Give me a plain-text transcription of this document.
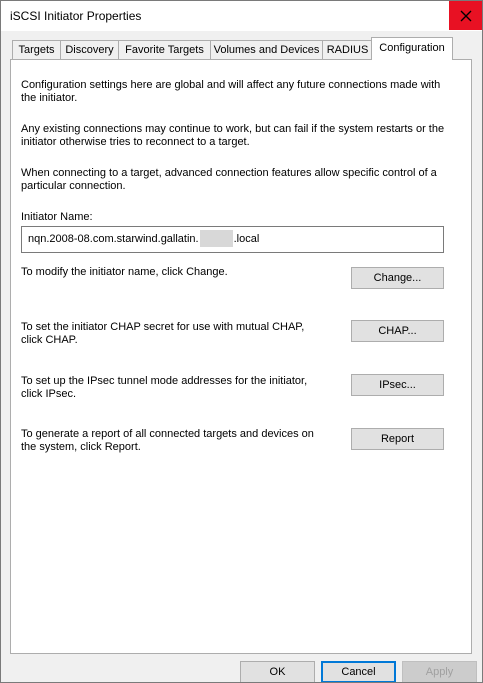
iSCSI Initiator Properties
Targets Discovery	Favorite Targets Volumes and Devices RADIUS	Configuration
Configuration settings here are global and will affect any future connections made with the initiator.
Any existing connections may continue to work, but can fail if the system restarts or the initiator otherwise tries to reconnect to a target.
When connecting to a target, advanced connection features allow specific control of a particular connection.
Initiator Name:
nqn.2008-08.com.starwind.gallatin.	.local
To modify the initiator name, click Change.	Change...
To set the initiator CHAP secret for use with mutual CHAP, click CHAP.
CHAP...
To set up the IPsec tunnel mode addresses for the initiator, click IPsec.
IPsec...
To generate a report of all connected targets and devices on the system, click Report.
Report
OK	Cancel	Apply
